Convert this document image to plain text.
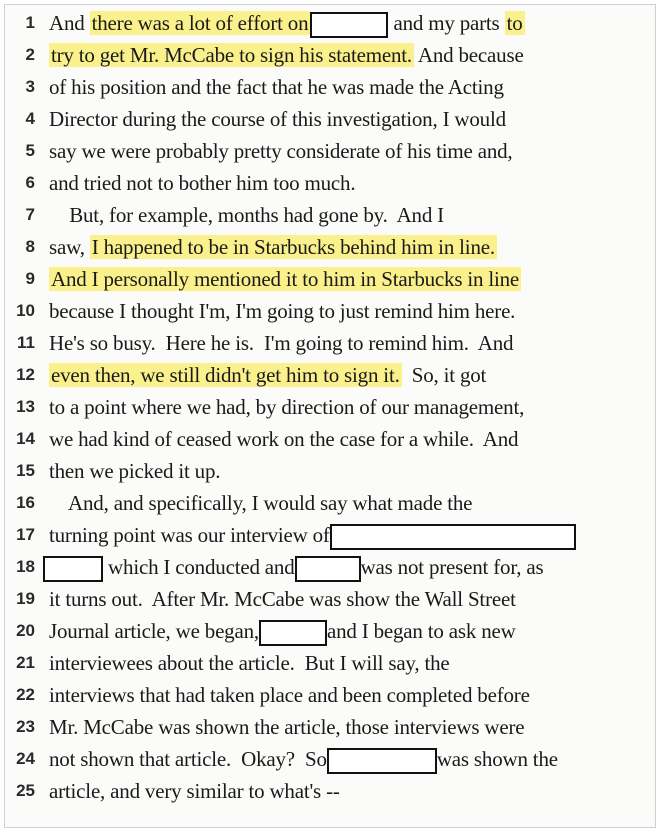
1 And there was a lot of effort on	and my parts to
2 try to get Mr. McCabe to sign his statement. And because
3 of his position and the fact that he was made the Acting
4 Director during the course of this investigation, I would
5 say we were probably pretty considerate of his time and,
6 and tried not to bother him too much.
7 But, for example, months had gone by.  And I
8 saw, I happened to be in Starbucks behind him in line.
9 And I personally mentioned it to him in Starbucks in line
10 because I thought I'm, I'm going to just remind him here.
11 He's so busy.  Here he is.  I'm going to remind him.  And
12 even then, we still didn't get him to sign it.  So, it got
13 to a point where we had, by direction of our management,
14 we had kind of ceased work on the case for a while.  And
15 then we picked it up.
16 And, and specifically, I would say what made the
17 turning point was our interview of
18	which I conducted and	was not present for, as
19 it turns out.  After Mr. McCabe was show the Wall Street
20 Journal article, we began,	and I began to ask new
21 interviewees about the article.  But I will say, the
22 interviews that had taken place and been completed before
23 Mr. McCabe was shown the article, those interviews were
24 not shown that article.  Okay?  So	was shown the
25 article, and very similar to what's --
